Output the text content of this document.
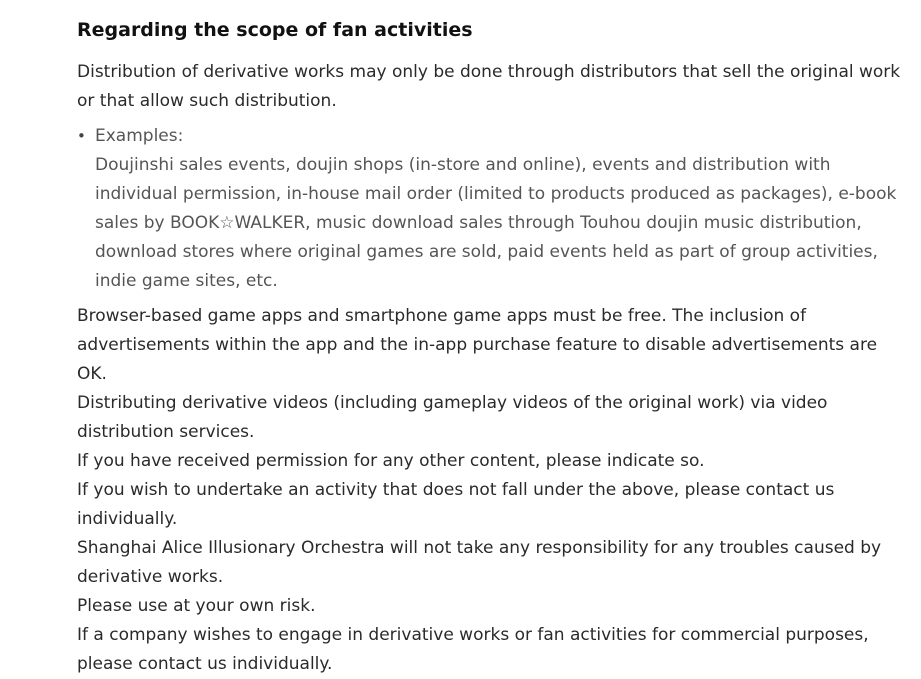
Regarding the scope of fan activities

Distribution of derivative works may only be done through distributors that sell the original work or that allow such distribution.

• Examples:
Doujinshi sales events, doujin shops (in-store and online), events and distribution with individual permission, in-house mail order (limited to products produced as packages), e-book sales by BOOK☆WALKER, music download sales through Touhou doujin music distribution, download stores where original games are sold, paid events held as part of group activities, indie game sites, etc.

Browser-based game apps and smartphone game apps must be free. The inclusion of advertisements within the app and the in-app purchase feature to disable advertisements are OK.

Distributing derivative videos (including gameplay videos of the original work) via video distribution services.

If you have received permission for any other content, please indicate so.

If you wish to undertake an activity that does not fall under the above, please contact us individually.

Shanghai Alice Illusionary Orchestra will not take any responsibility for any troubles caused by derivative works.

Please use at your own risk.

If a company wishes to engage in derivative works or fan activities for commercial purposes, please contact us individually.
